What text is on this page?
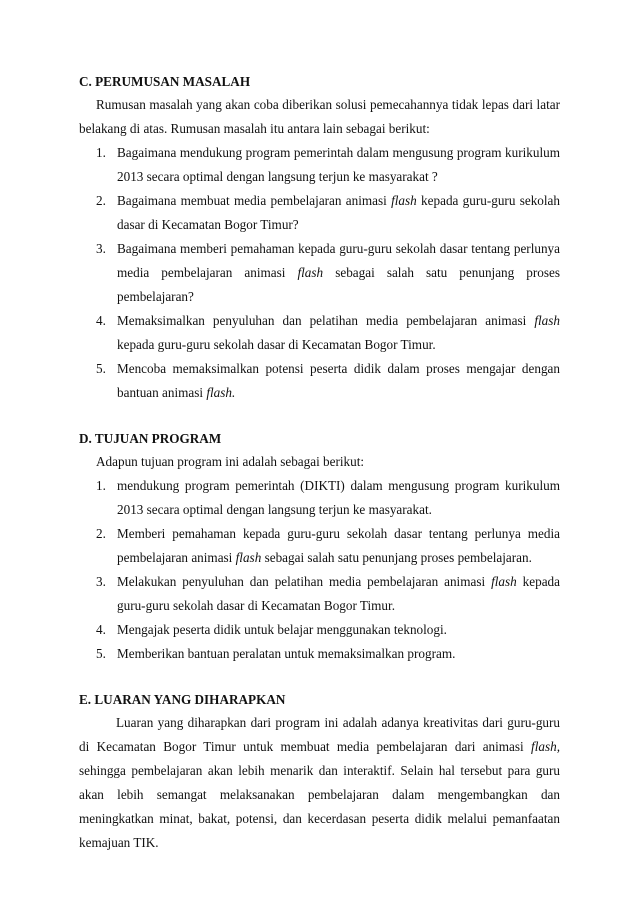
C. PERUMUSAN MASALAH

Rumusan masalah yang akan coba diberikan solusi pemecahannya tidak lepas dari latar belakang di atas. Rumusan masalah itu antara lain sebagai berikut:

1. Bagaimana mendukung program pemerintah dalam mengusung program kurikulum 2013 secara optimal dengan langsung terjun ke masyarakat ?
2. Bagaimana membuat media pembelajaran animasi flash kepada guru-guru sekolah dasar di Kecamatan Bogor Timur?
3. Bagaimana memberi pemahaman kepada guru-guru sekolah dasar tentang perlunya media pembelajaran animasi flash sebagai salah satu penunjang proses pembelajaran?
4. Memaksimalkan penyuluhan dan pelatihan media pembelajaran animasi flash kepada guru-guru sekolah dasar di Kecamatan Bogor Timur.
5. Mencoba memaksimalkan potensi peserta didik dalam proses mengajar dengan bantuan animasi flash.
D. TUJUAN PROGRAM

Adapun tujuan program ini adalah sebagai berikut:

1. mendukung program pemerintah (DIKTI) dalam mengusung program kurikulum 2013 secara optimal dengan langsung terjun ke masyarakat.
2. Memberi pemahaman kepada guru-guru sekolah dasar tentang perlunya media pembelajaran animasi flash sebagai salah satu penunjang proses pembelajaran.
3. Melakukan penyuluhan dan pelatihan media pembelajaran animasi flash kepada guru-guru sekolah dasar di Kecamatan Bogor Timur.
4. Mengajak peserta didik untuk belajar menggunakan teknologi.
5. Memberikan bantuan peralatan untuk memaksimalkan program.
E. LUARAN YANG DIHARAPKAN

Luaran yang diharapkan dari program ini adalah adanya kreativitas dari guru-guru di Kecamatan Bogor Timur untuk membuat media pembelajaran dari animasi flash, sehingga pembelajaran akan lebih menarik dan interaktif. Selain hal tersebut para guru akan lebih semangat melaksanakan pembelajaran dalam mengembangkan dan meningkatkan minat, bakat, potensi, dan kecerdasan peserta didik melalui pemanfaatan kemajuan TIK.
